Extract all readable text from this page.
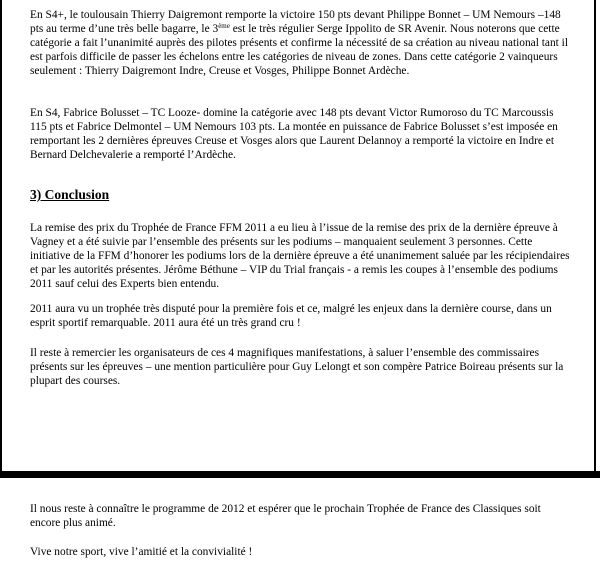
En S4+, le toulousain Thierry Daigremont remporte la victoire 150 pts devant Philippe Bonnet – UM Nemours –148 pts au terme d’une très belle bagarre, le 3ème est le très régulier Serge Ippolito de SR Avenir. Nous noterons que cette catégorie a fait l’unanimité auprès des pilotes présents et confirme la nécessité de sa création au niveau national tant il est parfois difficile de passer les échelons entre les catégories de niveau de zones. Dans cette catégorie 2 vainqueurs seulement : Thierry Daigremont Indre, Creuse et Vosges, Philippe Bonnet Ardèche.

En S4, Fabrice Bolusset – TC Looze- domine la catégorie avec 148 pts devant Victor Rumoroso du TC Marcoussis 115 pts et Fabrice Delmontel – UM Nemours 103 pts. La montée en puissance de Fabrice Bolusset s’est imposée en remportant les 2 dernières épreuves Creuse et Vosges alors que Laurent Delannoy a remporté la victoire en Indre et Bernard Delchevalerie a remporté l’Ardèche.

3) Conclusion

La remise des prix du Trophée de France FFM 2011 a eu lieu à l’issue de la remise des prix de la dernière épreuve à Vagney et a été suivie par l’ensemble des présents sur les podiums – manquaient seulement 3 personnes. Cette initiative de la FFM d’honorer les podiums lors de la dernière épreuve a été unanimement saluée par les récipiendaires et par les autorités présentes. Jérôme Béthune – VIP du Trial français - a remis les coupes à l’ensemble des podiums 2011 sauf celui des Experts bien entendu.

2011 aura vu un trophée très disputé pour la première fois et ce, malgré les enjeux dans la dernière course, dans un esprit sportif remarquable. 2011 aura été un très grand cru !

Il reste à remercier les organisateurs de ces 4 magnifiques manifestations, à saluer l’ensemble des commissaires présents sur les épreuves – une mention particulière pour Guy Lelongt et son compère Patrice Boireau présents sur la plupart des courses.

Il nous reste à connaître le programme de 2012 et espérer que le prochain Trophée de France des Classiques soit encore plus animé.

Vive notre sport, vive l’amitié et la convivialité !
